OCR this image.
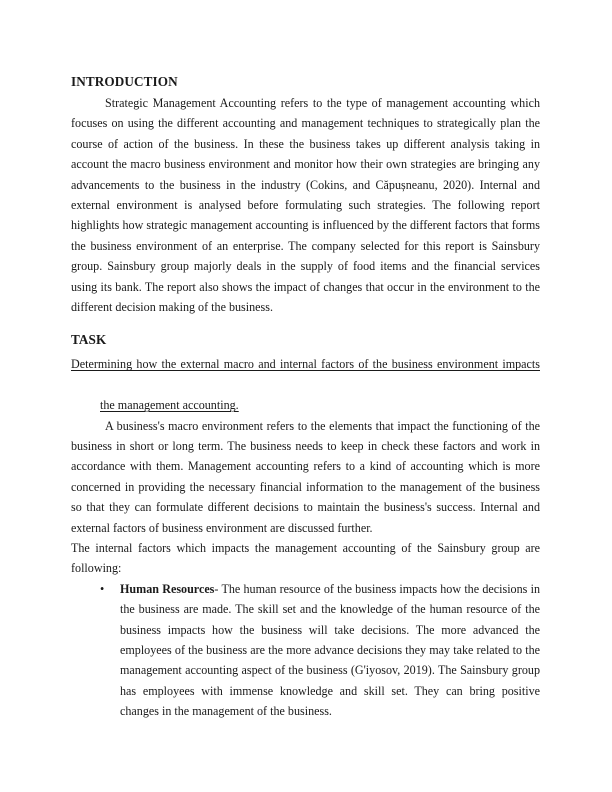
INTRODUCTION

Strategic Management Accounting refers to the type of management accounting which focuses on using the different accounting and management techniques to strategically plan the course of action of the business. In these the business takes up different analysis taking in account the macro business environment and monitor how their own strategies are bringing any advancements to the business in the industry (Cokins, and Căpușneanu, 2020). Internal and external environment is analysed before formulating such strategies. The following report highlights how strategic management accounting is influenced by the different factors that forms the business environment of an enterprise. The company selected for this report is Sainsbury group. Sainsbury group majorly deals in the supply of food items and the financial services using its bank. The report also shows the impact of changes that occur in the environment to the different decision making of the business.

TASK
Determining how the external macro and internal factors of the business environment impacts
the management accounting.

A business's macro environment refers to the elements that impact the functioning of the business in short or long term. The business needs to keep in check these factors and work in accordance with them. Management accounting refers to a kind of accounting which is more concerned in providing the necessary financial information to the management of the business so that they can formulate different decisions to maintain the business's success. Internal and external factors of business environment are discussed further.

The internal factors which impacts the management accounting of the Sainsbury group are following:

• Human Resources- The human resource of the business impacts how the decisions in the business are made. The skill set and the knowledge of the human resource of the business impacts how the business will take decisions. The more advanced the employees of the business are the more advance decisions they may take related to the management accounting aspect of the business (G'iyosov, 2019). The Sainsbury group has employees with immense knowledge and skill set. They can bring positive changes in the management of the business.
